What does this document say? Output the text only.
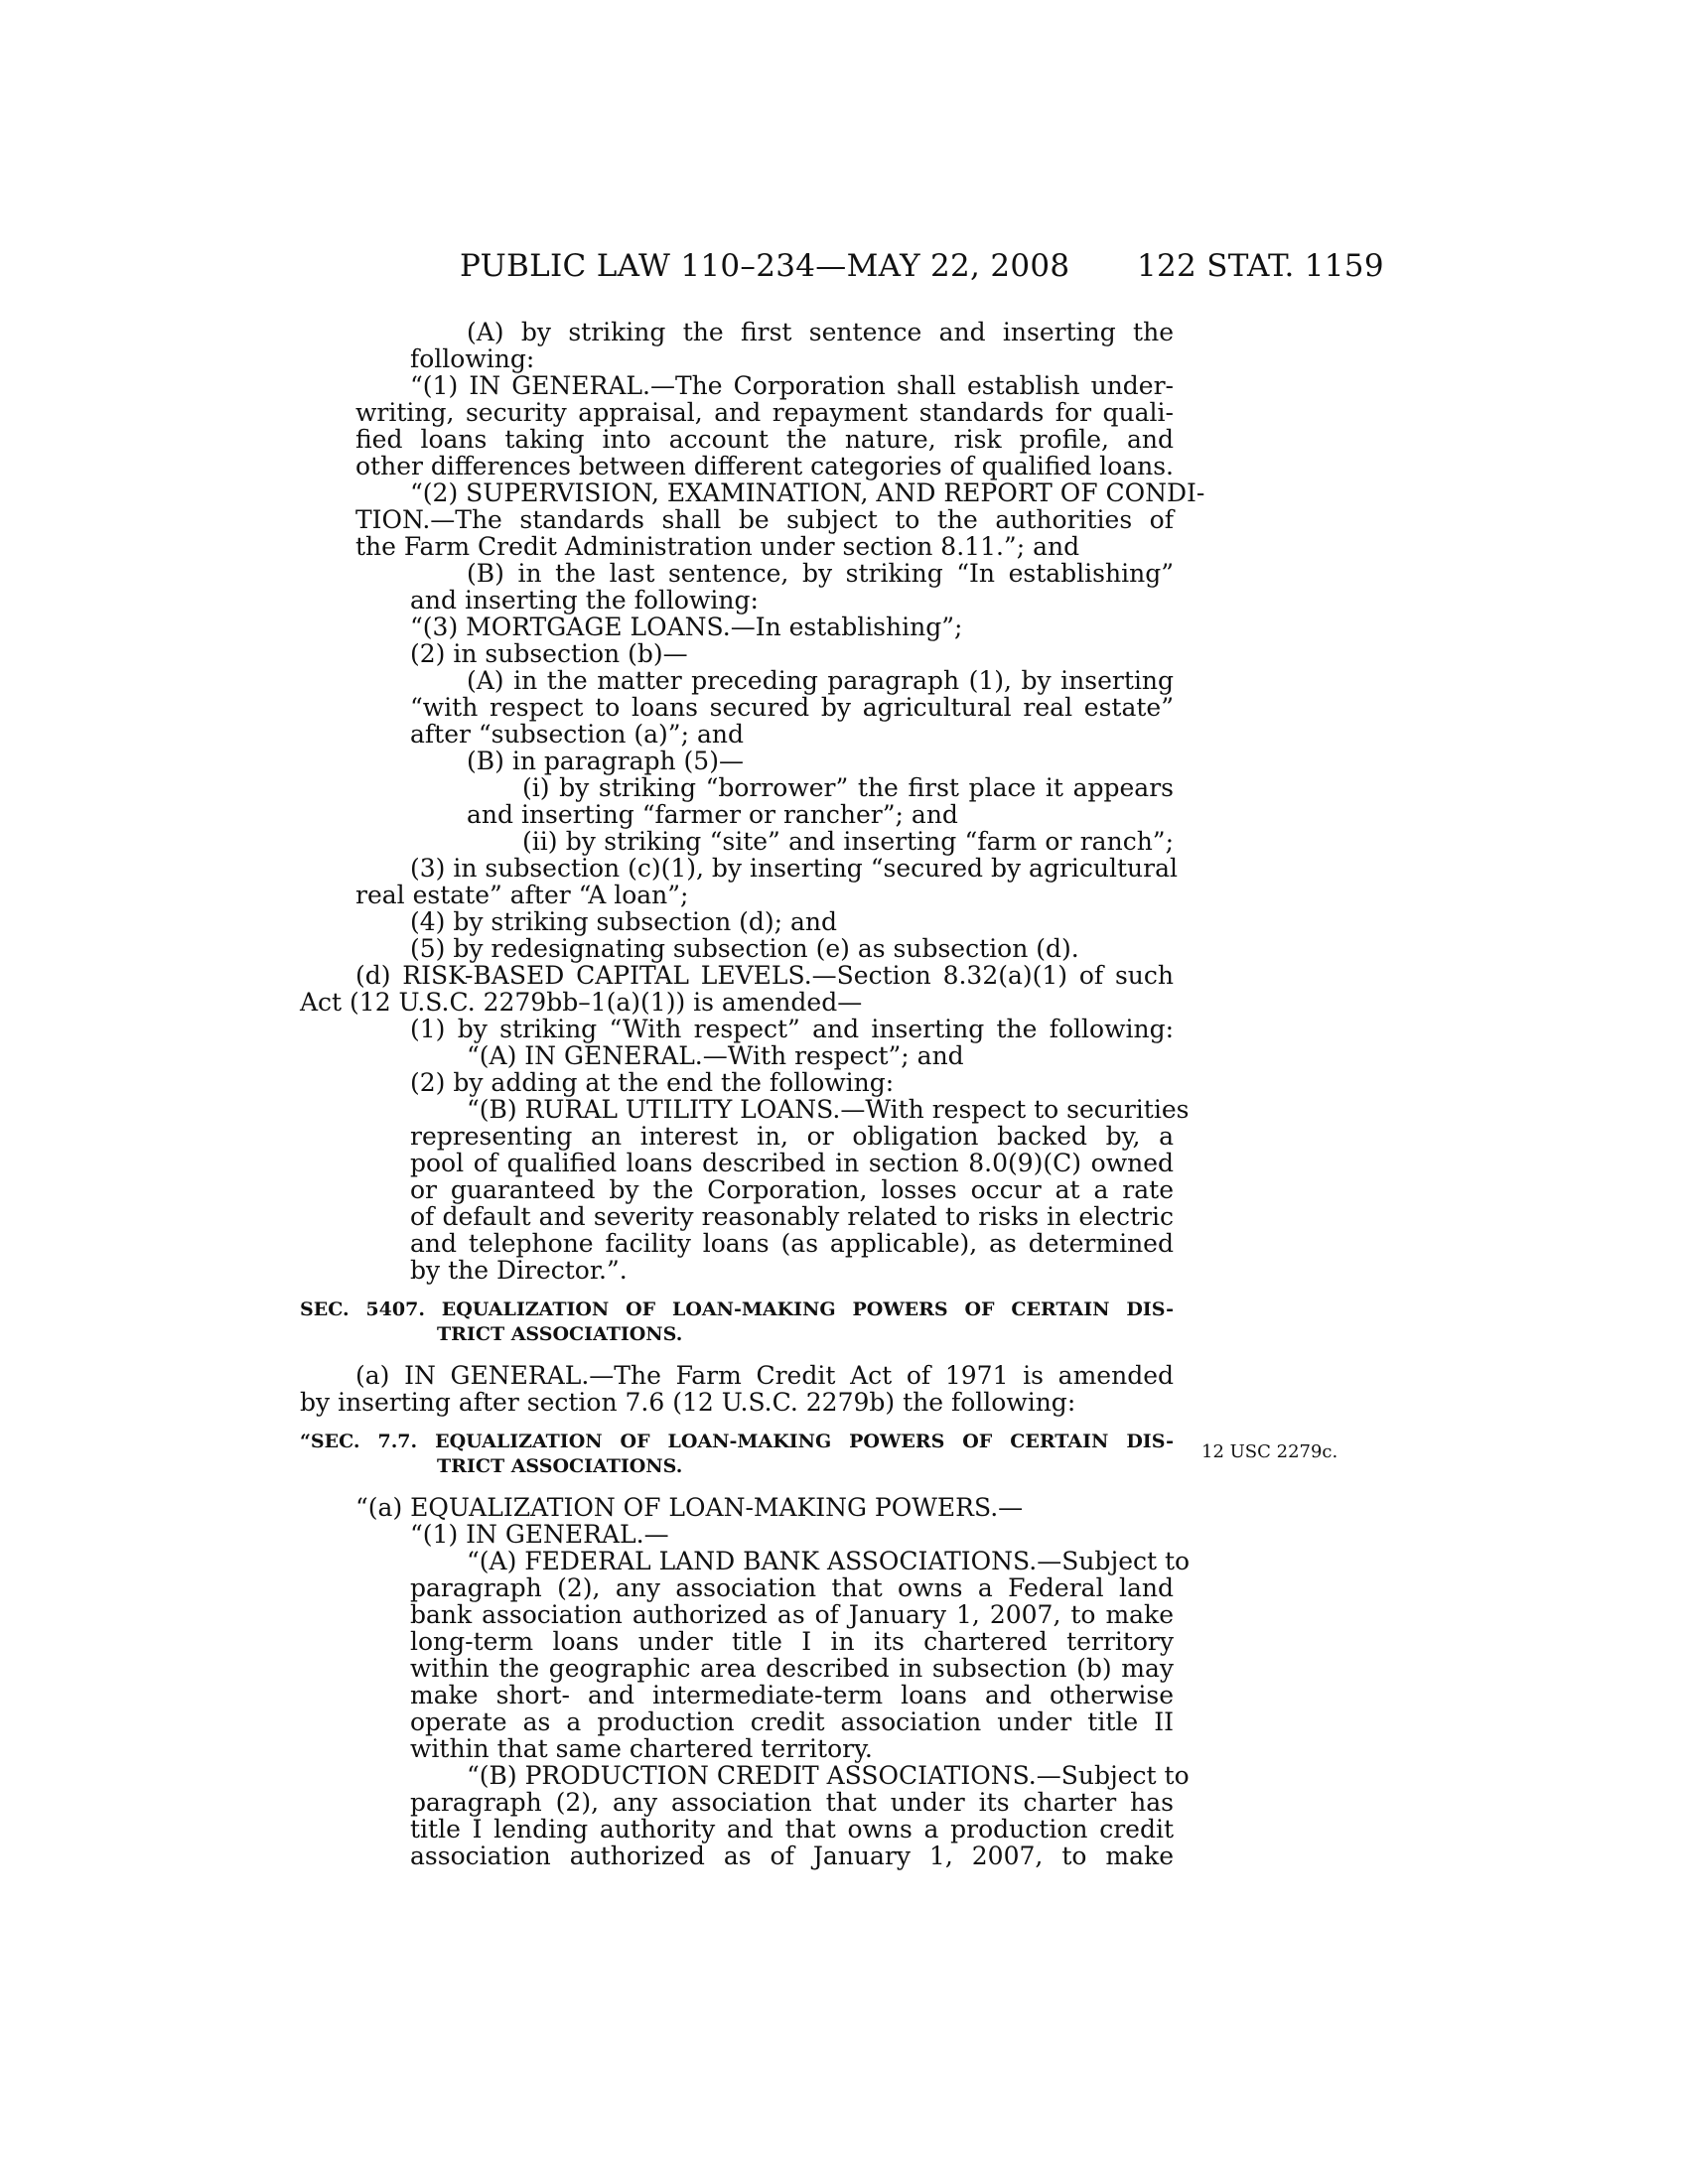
PUBLIC LAW 110–234—MAY 22, 2008 122 STAT. 1159
(A) by striking the first sentence and inserting the
following:
“(1) IN GENERAL.—The Corporation shall establish under-
writing, security appraisal, and repayment standards for quali-
fied loans taking into account the nature, risk profile, and
other differences between different categories of qualified loans.
“(2) SUPERVISION, EXAMINATION, AND REPORT OF CONDI-
TION.—The standards shall be subject to the authorities of
the Farm Credit Administration under section 8.11.”; and
(B) in the last sentence, by striking “In establishing”
and inserting the following:
“(3) MORTGAGE LOANS.—In establishing”;
(2) in subsection (b)—
(A) in the matter preceding paragraph (1), by inserting
“with respect to loans secured by agricultural real estate”
after “subsection (a)”; and
(B) in paragraph (5)—
(i) by striking “borrower” the first place it appears
and inserting “farmer or rancher”; and
(ii) by striking “site” and inserting “farm or ranch”;
(3) in subsection (c)(1), by inserting “secured by agricultural
real estate” after “A loan”;
(4) by striking subsection (d); and
(5) by redesignating subsection (e) as subsection (d).
(d) RISK-BASED CAPITAL LEVELS.—Section 8.32(a)(1) of such
Act (12 U.S.C. 2279bb–1(a)(1)) is amended—
(1) by striking “With respect” and inserting the following:
“(A) IN GENERAL.—With respect”; and
(2) by adding at the end the following:
“(B) RURAL UTILITY LOANS.—With respect to securities
representing an interest in, or obligation backed by, a
pool of qualified loans described in section 8.0(9)(C) owned
or guaranteed by the Corporation, losses occur at a rate
of default and severity reasonably related to risks in electric
and telephone facility loans (as applicable), as determined
by the Director.”.
SEC. 5407. EQUALIZATION OF LOAN-MAKING POWERS OF CERTAIN DIS-
TRICT ASSOCIATIONS.
(a) IN GENERAL.—The Farm Credit Act of 1971 is amended
by inserting after section 7.6 (12 U.S.C. 2279b) the following:
“SEC. 7.7. EQUALIZATION OF LOAN-MAKING POWERS OF CERTAIN DIS-
TRICT ASSOCIATIONS.
“(a) EQUALIZATION OF LOAN-MAKING POWERS.—
“(1) IN GENERAL.—
“(A) FEDERAL LAND BANK ASSOCIATIONS.—Subject to
paragraph (2), any association that owns a Federal land
bank association authorized as of January 1, 2007, to make
long-term loans under title I in its chartered territory
within the geographic area described in subsection (b) may
make short- and intermediate-term loans and otherwise
operate as a production credit association under title II
within that same chartered territory.
“(B) PRODUCTION CREDIT ASSOCIATIONS.—Subject to
paragraph (2), any association that under its charter has
title I lending authority and that owns a production credit
association authorized as of January 1, 2007, to make
12 USC 2279c.
